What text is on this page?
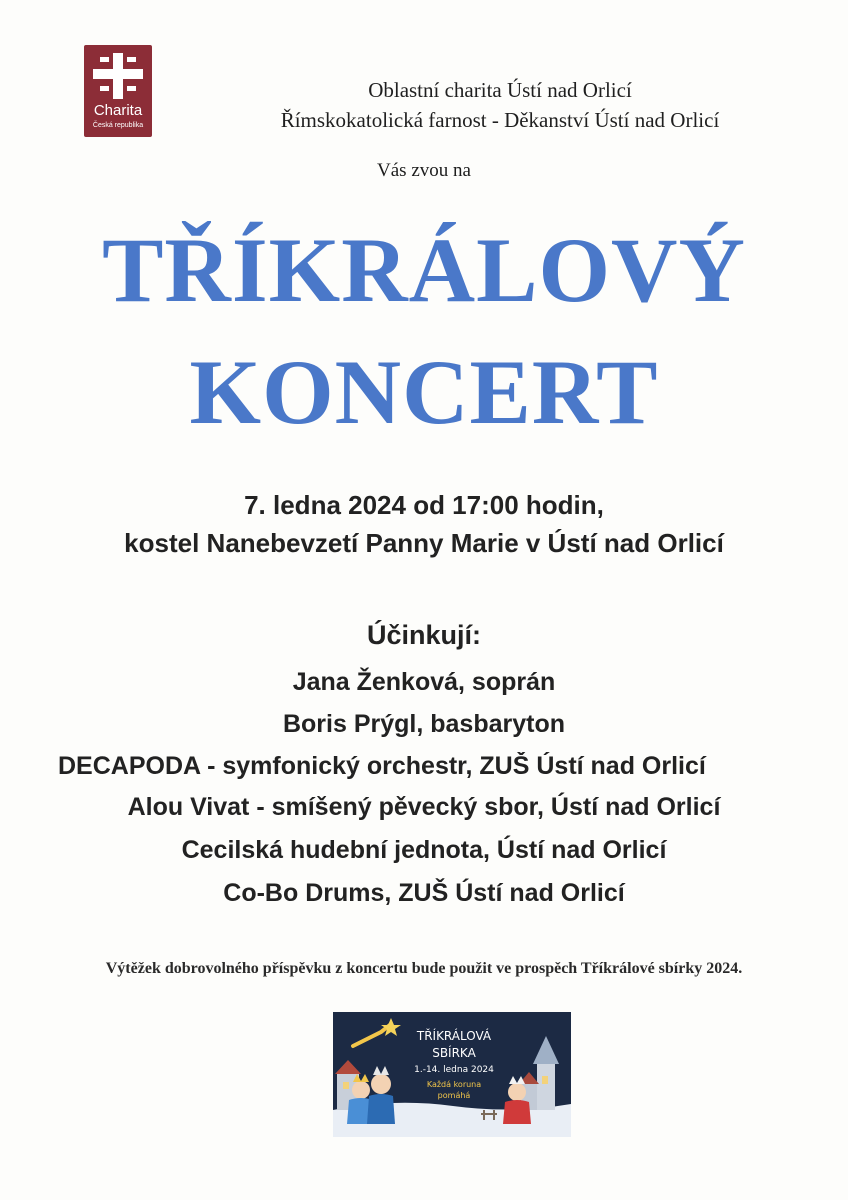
Charita
Česká republika
Oblastní charita Ústí nad Orlicí
Římskokatolická farnost - Děkanství Ústí nad Orlicí
Vás zvou na
TŘÍKRÁLOVÝ
KONCERT
7. ledna 2024 od 17:00 hodin,
kostel Nanebevzetí Panny Marie v Ústí nad Orlicí
Účinkují:
Jana Ženková, soprán
Boris Prýgl, basbaryton
DECAPODA - symfonický orchestr, ZUŠ Ústí nad Orlicí
Alou Vivat - smíšený pěvecký sbor, Ústí nad Orlicí
Cecilská hudební jednota, Ústí nad Orlicí
Co-Bo Drums, ZUŠ Ústí nad Orlicí
Výtěžek dobrovolného příspěvku z koncertu bude použit ve prospěch Tříkrálové sbírky 2024.
TŘÍKRÁLOVÁ
SBÍRKA
1.-14. ledna 2024
Každá koruna
pomáhá
